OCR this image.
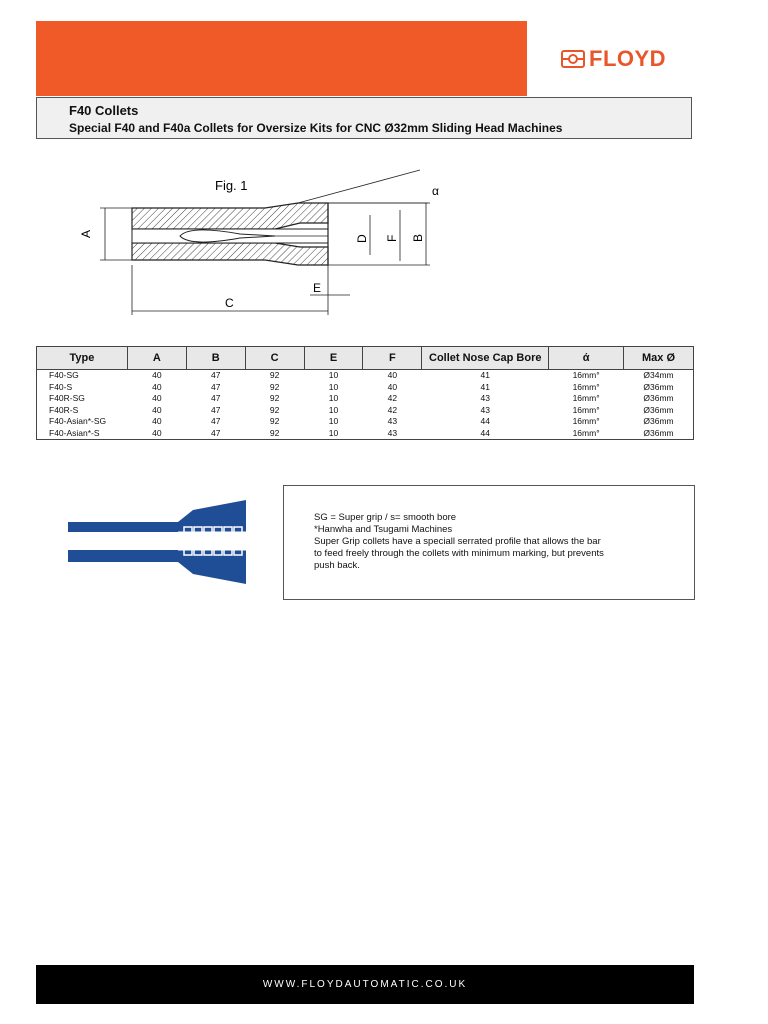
FLOYD
F40 Collets
Special F40 and F40a Collets for Oversize Kits for CNC Ø32mm Sliding Head Machines
Fig. 1
A	B
F
D
C
E
α
Type	A	B	C	E	F	Collet Nose Cap Bore	ά	Max Ø
F40-SG	40	47	92	10	40	41	16mm°	Ø34mm
F40-S	40	47	92	10	40	41	16mm°	Ø36mm
F40R-SG	40	47	92	10	42	43	16mm°	Ø36mm
F40R-S	40	47	92	10	42	43	16mm°	Ø36mm
F40-Asian*-SG	40	47	92	10	43	44	16mm°	Ø36mm
F40-Asian*-S	40	47	92	10	43	44	16mm°	Ø36mm
SG = Super grip / s= smooth bore
*Hanwha and Tsugami Machines
Super Grip collets have a speciall serrated profile that allows the bar
to feed freely through the collets with minimum marking, but prevents
push back.
WWW.FLOYDAUTOMATIC.CO.UK
